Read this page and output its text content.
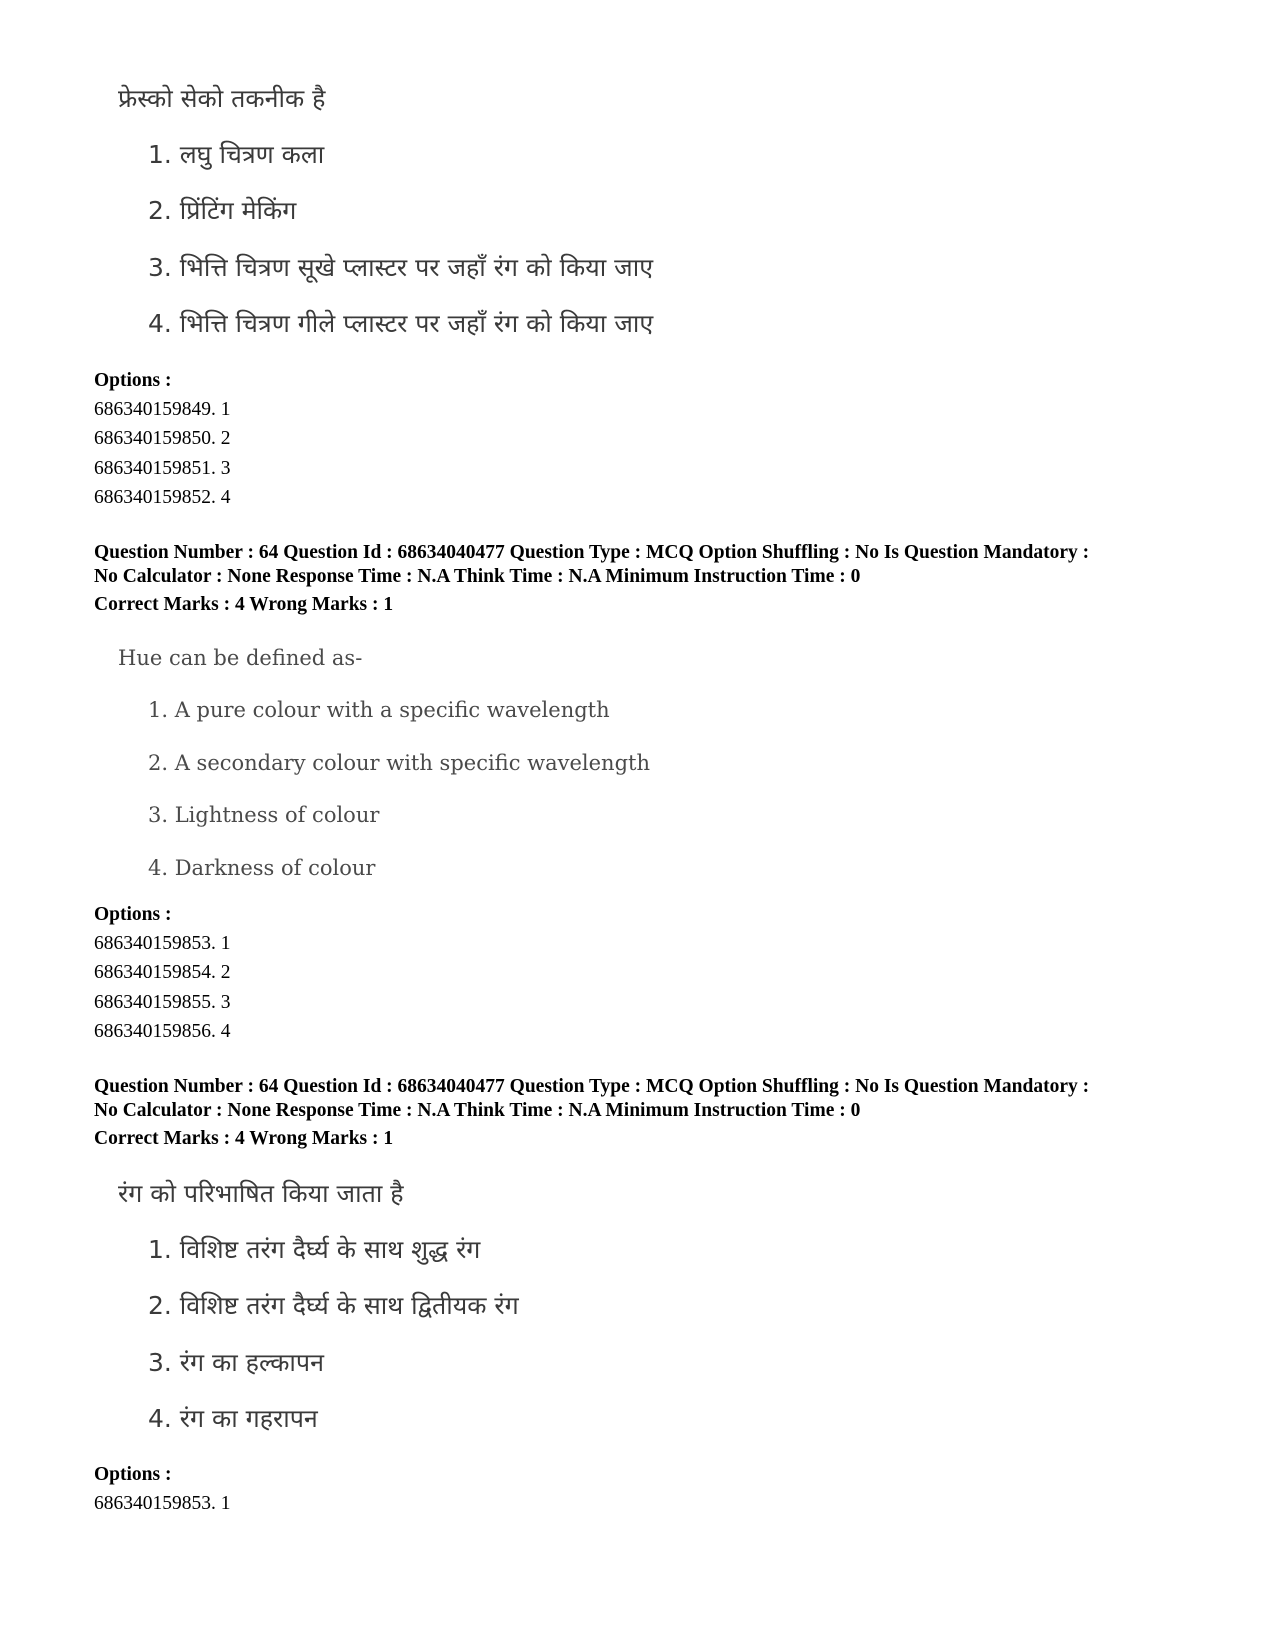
फ्रेस्को सेको तकनीक है
1. लघु चित्रण कला
2. प्रिंटिंग मेकिंग
3. भित्ति चित्रण सूखे प्लास्टर पर जहाँ रंग को किया जाए
4. भित्ति चित्रण गीले प्लास्टर पर जहाँ रंग को किया जाए
Options :
686340159849. 1
686340159850. 2
686340159851. 3
686340159852. 4
Question Number : 64 Question Id : 68634040477 Question Type : MCQ Option Shuffling : No Is Question Mandatory :
No Calculator : None Response Time : N.A Think Time : N.A Minimum Instruction Time : 0
Correct Marks : 4 Wrong Marks : 1
Hue can be defined as-
1. A pure colour with a specific wavelength
2. A secondary colour with specific wavelength
3. Lightness of colour
4. Darkness of colour
Options :
686340159853. 1
686340159854. 2
686340159855. 3
686340159856. 4
Question Number : 64 Question Id : 68634040477 Question Type : MCQ Option Shuffling : No Is Question Mandatory :
No Calculator : None Response Time : N.A Think Time : N.A Minimum Instruction Time : 0
Correct Marks : 4 Wrong Marks : 1
रंग को परिभाषित किया जाता है
1. विशिष्ट तरंग दैर्घ्य के साथ शुद्ध रंग
2. विशिष्ट तरंग दैर्घ्य के साथ द्वितीयक रंग
3. रंग का हल्कापन
4. रंग का गहरापन
Options :
686340159853. 1
